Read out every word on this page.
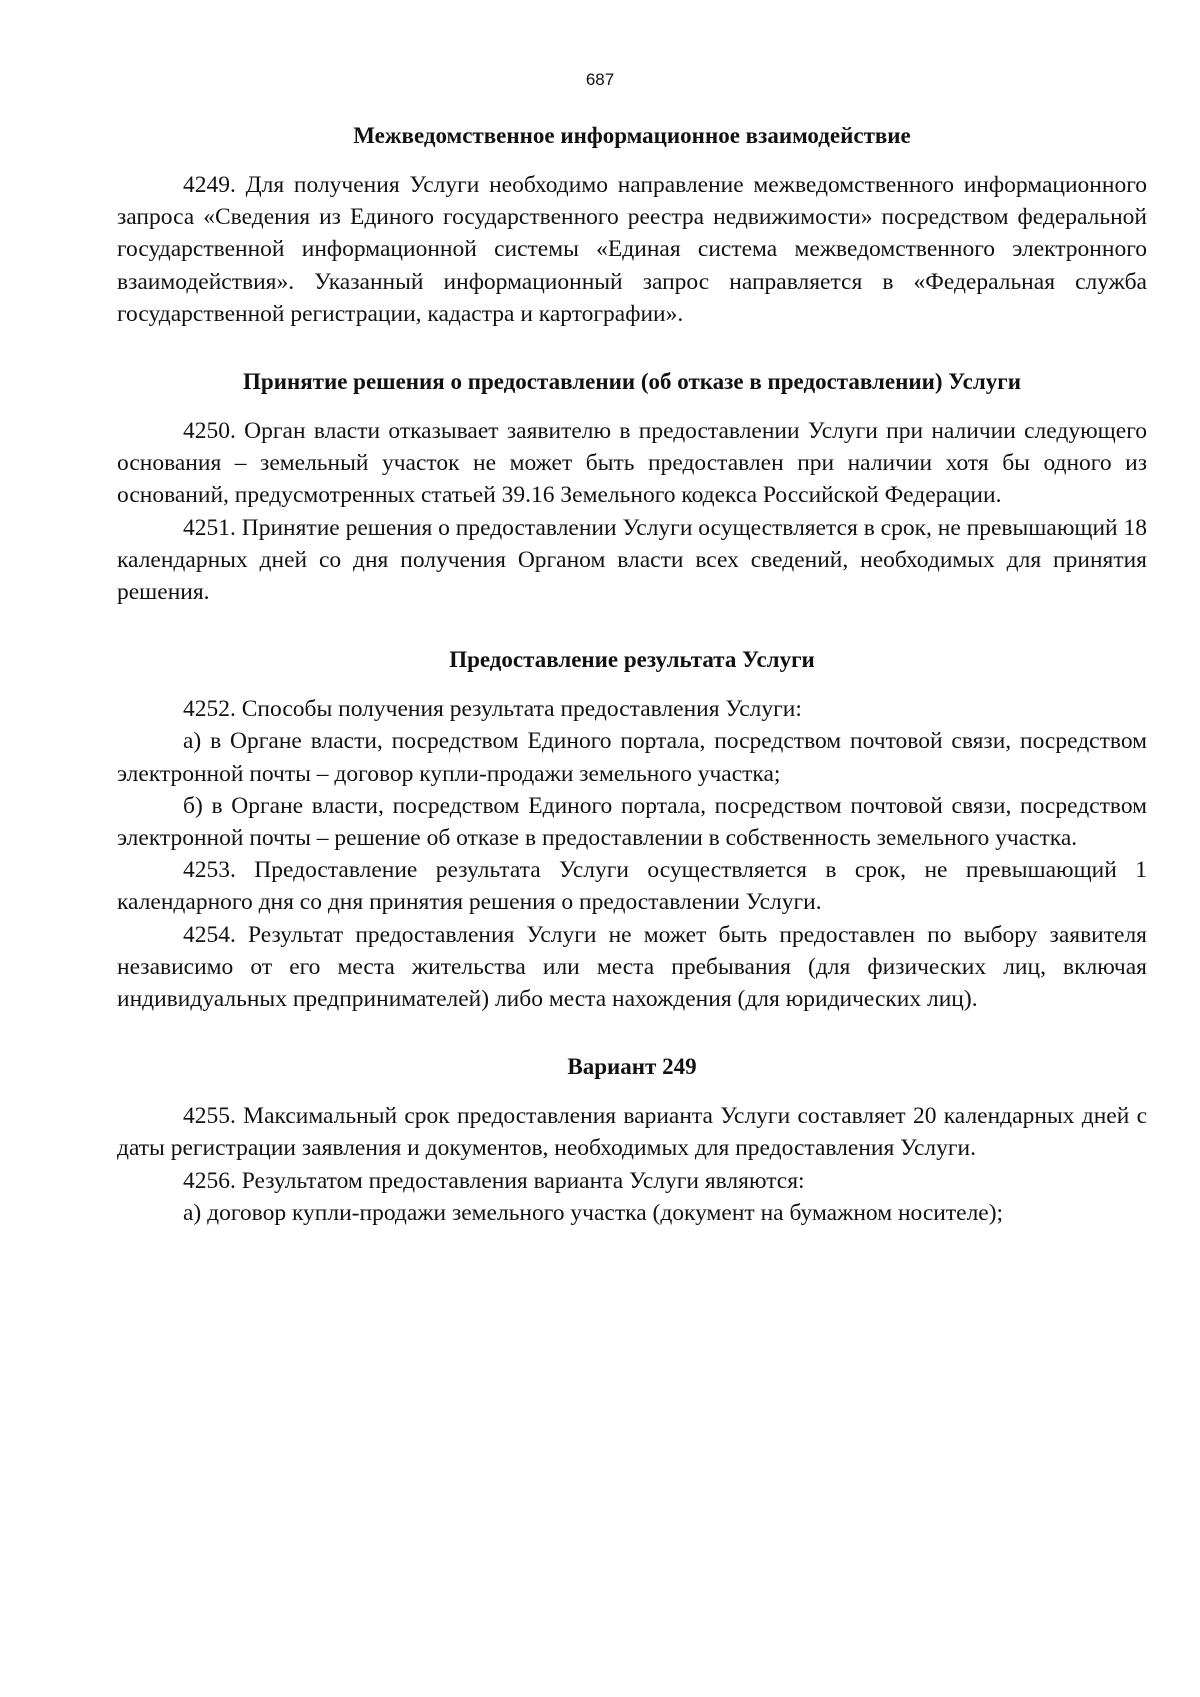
687
Межведомственное информационное взаимодействие

4249. Для получения Услуги необходимо направление межведомственного информационного запроса «Сведения из Единого государственного реестра недвижимости» посредством федеральной государственной информационной системы «Единая система межведомственного электронного взаимодействия». Указанный информационный запрос направляется в «Федеральная служба государственной регистрации, кадастра и картографии».

Принятие решения о предоставлении (об отказе в предоставлении) Услуги

4250. Орган власти отказывает заявителю в предоставлении Услуги при наличии следующего основания – земельный участок не может быть предоставлен при наличии хотя бы одного из оснований, предусмотренных статьей 39.16 Земельного кодекса Российской Федерации.

4251. Принятие решения о предоставлении Услуги осуществляется в срок, не превышающий 18 календарных дней со дня получения Органом власти всех сведений, необходимых для принятия решения.

Предоставление результата Услуги

4252. Способы получения результата предоставления Услуги:

а) в Органе власти, посредством Единого портала, посредством почтовой связи, посредством электронной почты – договор купли-продажи земельного участка;

б) в Органе власти, посредством Единого портала, посредством почтовой связи, посредством электронной почты – решение об отказе в предоставлении в собственность земельного участка.

4253. Предоставление результата Услуги осуществляется в срок, не превышающий 1 календарного дня со дня принятия решения о предоставлении Услуги.

4254. Результат предоставления Услуги не может быть предоставлен по выбору заявителя независимо от его места жительства или места пребывания (для физических лиц, включая индивидуальных предпринимателей) либо места нахождения (для юридических лиц).

Вариант 249

4255. Максимальный срок предоставления варианта Услуги составляет 20 календарных дней с даты регистрации заявления и документов, необходимых для предоставления Услуги.

4256. Результатом предоставления варианта Услуги являются:

а) договор купли-продажи земельного участка (документ на бумажном носителе);
